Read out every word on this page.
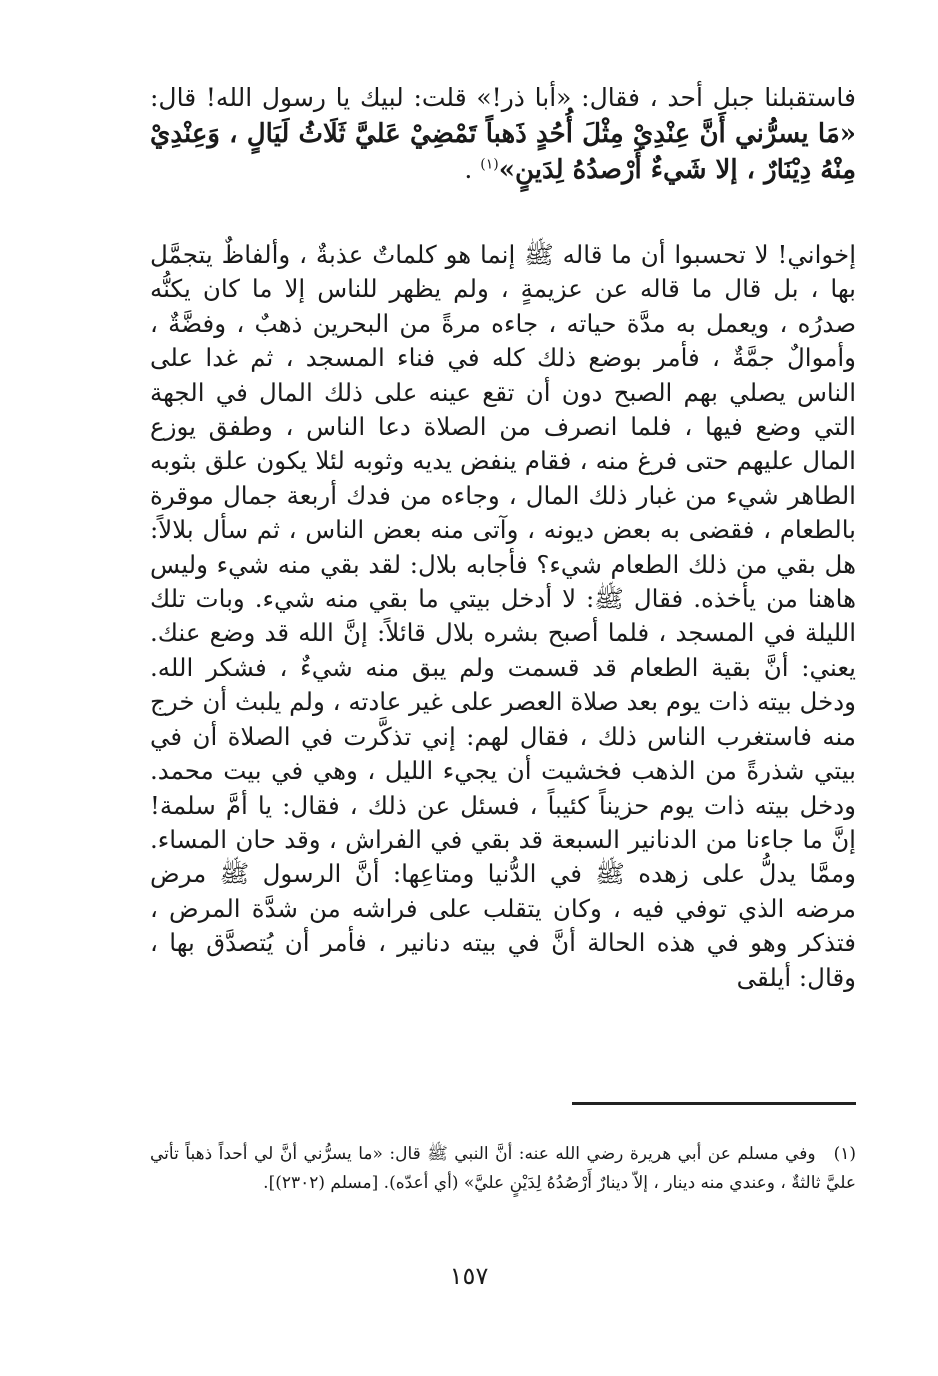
فاستقبلنا جبل أحد ، فقال: «أبا ذر!» قلت: لبيك يا رسول الله! قال: «مَا يسرُّني أَنَّ عِنْدِيْ مِثْلَ أُحُدٍ ذَهباً تَمْضِيْ عَليَّ ثَلَاثُ لَيَالٍ ، وَعِنْدِيْ مِنْهُ دِيْنَارٌ ، إلا شَيءٌ أَرْصدُهُ لِدَينٍ»$^{(١)}$ .
إخواني! لا تحسبوا أن ما قاله ﷺ إنما هو كلماتٌ عذبةٌ ، وألفاظٌ يتجمَّل بها ، بل قال ما قاله عن عزيمةٍ ، ولم يظهر للناس إلا ما كان يكنُّه صدرُه ، ويعمل به مدَّة حياته ، جاءه مرةً من البحرين ذهبٌ ، وفضَّةٌ ، وأموالٌ جمَّةٌ ، فأمر بوضع ذلك كله في فناء المسجد ، ثم غدا على الناس يصلي بهم الصبح دون أن تقع عينه على ذلك المال في الجهة التي وضع فيها ، فلما انصرف من الصلاة دعا الناس ، وطفق يوزع المال عليهم حتى فرغ منه ، فقام ينفض يديه وثوبه لئلا يكون علق بثوبه الطاهر شيء من غبار ذلك المال ، وجاءه من فدك أربعة جمال موقرة بالطعام ، فقضى به بعض ديونه ، وآتى منه بعض الناس ، ثم سأل بلالاً: هل بقي من ذلك الطعام شيء؟ فأجابه بلال: لقد بقي منه شيء وليس هاهنا من يأخذه. فقال ﷺ: لا أدخل بيتي ما بقي منه شيء. وبات تلك الليلة في المسجد ، فلما أصبح بشره بلال قائلاً: إنَّ الله قد وضع عنك. يعني: أنَّ بقية الطعام قد قسمت ولم يبق منه شيءٌ ، فشكر الله. ودخل بيته ذات يوم بعد صلاة العصر على غير عادته ، ولم يلبث أن خرج منه فاستغرب الناس ذلك ، فقال لهم: إني تذكَّرت في الصلاة أن في بيتي شذرةً من الذهب فخشيت أن يجيء الليل ، وهي في بيت محمد. ودخل بيته ذات يوم حزيناً كئيباً ، فسئل عن ذلك ، فقال: يا أمَّ سلمة! إنَّ ما جاءنا من الدنانير السبعة قد بقي في الفراش ، وقد حان المساء. وممَّا يدلُّ على زهده ﷺ في الدُّنيا ومتاعِها: أنَّ الرسول ﷺ مرض مرضه الذي توفي فيه ، وكان يتقلب على فراشه من شدَّة المرض ، فتذكر وهو في هذه الحالة أنَّ في بيته دنانير ، فأمر أن يُتصدَّق بها ، وقال: أيلقى
(١)وفي مسلم عن أبي هريرة رضي الله عنه: أنَّ النبي ﷺ قال: «ما يسرُّني أنَّ لي أحداً ذهباً تأتي عليَّ ثالثةٌ ، وعندي منه دينار ، إلاّ دينارٌ أَرْصُدُهُ لِدَيْنٍ عليَّ» (أي أعدّه). [مسلم (٢٣٠٢)].
١٥٧
